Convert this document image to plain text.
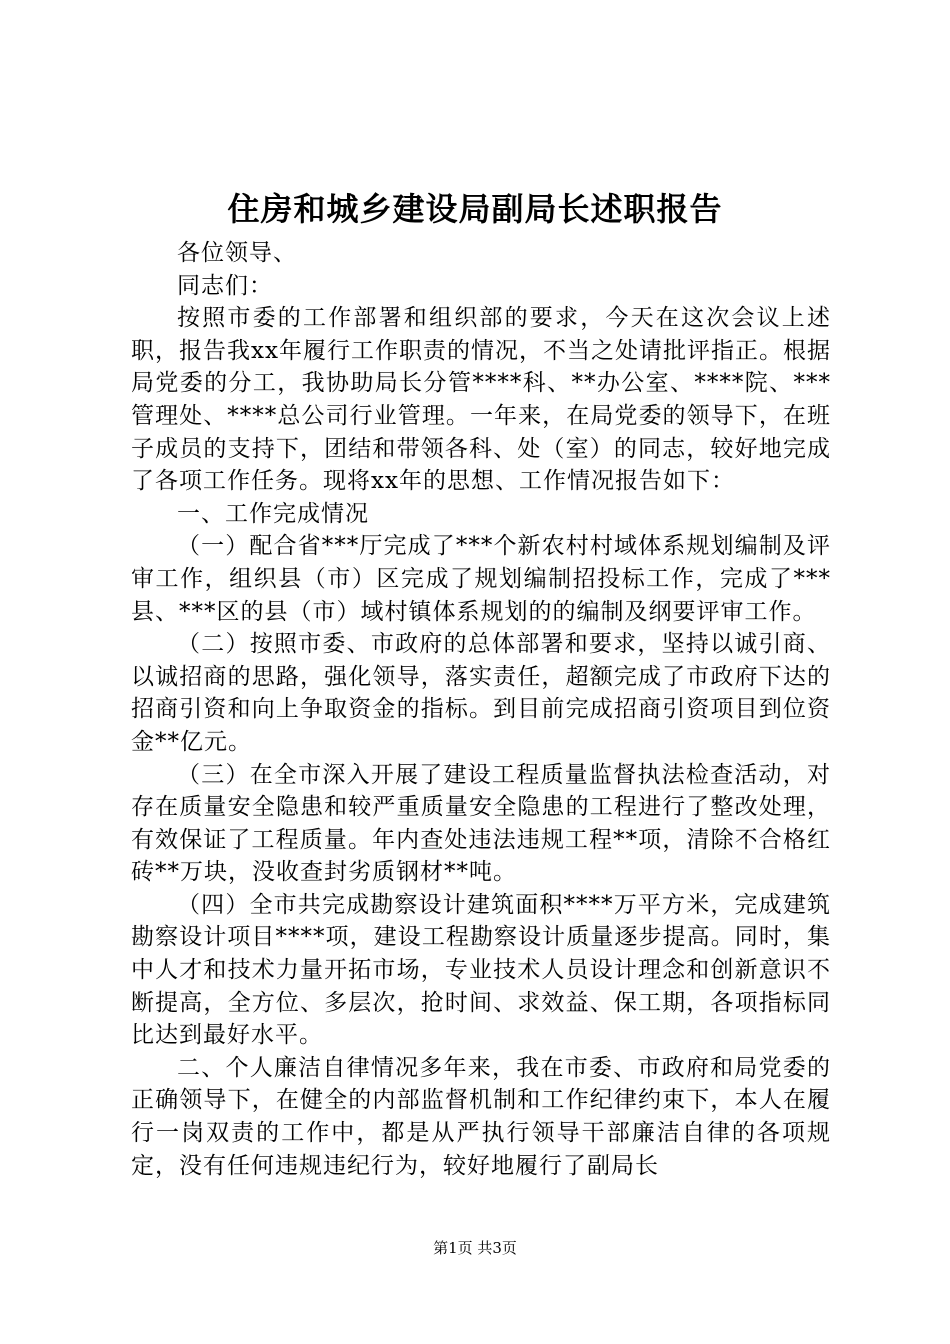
住房和城乡建设局副局长述职报告

各位领导、

同志们：

按照市委的工作部署和组织部的要求，今天在这次会议上述职，报告我xx年履行工作职责的情况，不当之处请批评指正。根据局党委的分工，我协助局长分管****科、**办公室、****院、***管理处、****总公司行业管理。一年来，在局党委的领导下，在班子成员的支持下，团结和带领各科、处（室）的同志，较好地完成了各项工作任务。现将xx年的思想、工作情况报告如下：

一、工作完成情况

（一）配合省***厅完成了***个新农村村域体系规划编制及评审工作，组织县（市）区完成了规划编制招投标工作，完成了***县、***区的县（市）域村镇体系规划的的编制及纲要评审工作。

（二）按照市委、市政府的总体部署和要求，坚持以诚引商、以诚招商的思路，强化领导，落实责任，超额完成了市政府下达的招商引资和向上争取资金的指标。到目前完成招商引资项目到位资金**亿元。

（三）在全市深入开展了建设工程质量监督执法检查活动，对存在质量安全隐患和较严重质量安全隐患的工程进行了整改处理，有效保证了工程质量。年内查处违法违规工程**项，清除不合格红砖**万块，没收查封劣质钢材**吨。

（四）全市共完成勘察设计建筑面积****万平方米，完成建筑勘察设计项目****项，建设工程勘察设计质量逐步提高。同时，集中人才和技术力量开拓市场，专业技术人员设计理念和创新意识不断提高，全方位、多层次，抢时间、求效益、保工期，各项指标同比达到最好水平。

二、个人廉洁自律情况多年来，我在市委、市政府和局党委的正确领导下，在健全的内部监督机制和工作纪律约束下，本人在履行一岗双责的工作中，都是从严执行领导干部廉洁自律的各项规定，没有任何违规违纪行为，较好地履行了副局长

第1页 共3页
